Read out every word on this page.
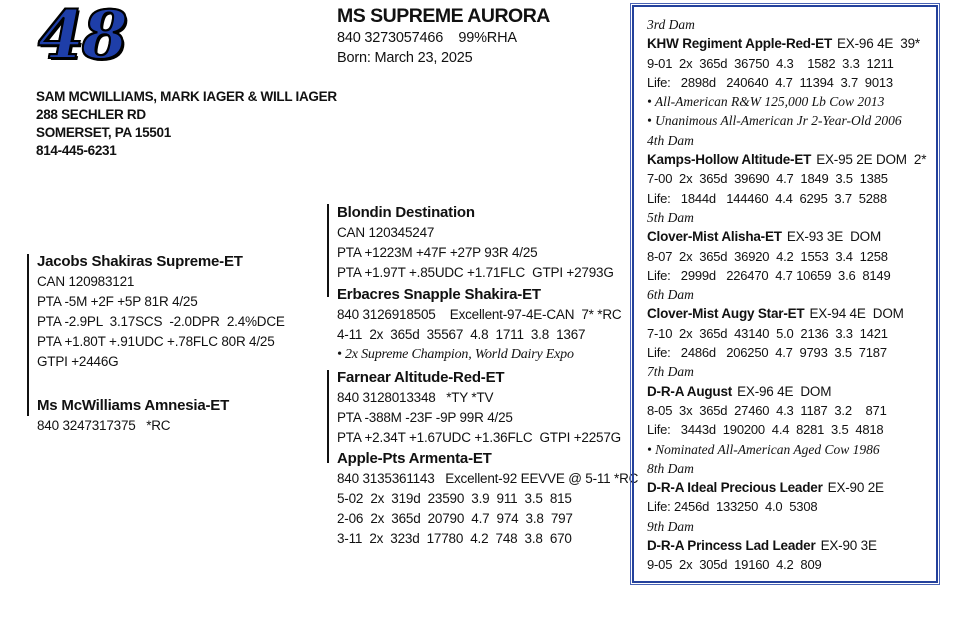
48
SAM MCWILLIAMS, MARK IAGER & WILL IAGER
288 SECHLER RD
SOMERSET, PA 15501
814-445-6231
MS SUPREME AURORA
840 3273057466    99%RHA
Born: March 23, 2025
Jacobs Shakiras Supreme-ET
CAN 120983121
PTA -5M +2F +5P 81R 4/25
PTA -2.9PL  3.17SCS  -2.0DPR  2.4%DCE
PTA +1.80T +.91UDC +.78FLC 80R 4/25
GTPI +2446G
Ms McWilliams Amnesia-ET
840 3247317375   *RC
Blondin Destination
CAN 120345247
PTA +1223M +47F +27P 93R 4/25
PTA +1.97T +.85UDC +1.71FLC  GTPI +2793G
Erbacres Snapple Shakira-ET
840 3126918505    Excellent-97-4E-CAN  7* *RC
4-11  2x  365d  35567  4.8  1711  3.8  1367
• 2x Supreme Champion, World Dairy Expo
Farnear Altitude-Red-ET
840 3128013348   *TY *TV
PTA -388M -23F -9P 99R 4/25
PTA +2.34T +1.67UDC +1.36FLC  GTPI +2257G
Apple-Pts Armenta-ET
840 3135361143   Excellent-92 EEVVE @ 5-11 *RC
5-02  2x  319d  23590  3.9  911  3.5  815
2-06  2x  365d  20790  4.7  974  3.8  797
3-11  2x  323d  17780  4.2  748  3.8  670
3rd Dam
KHW Regiment Apple-Red-ET EX-96 4E  39*
9-01  2x  365d  36750  4.3    1582  3.3  1211
Life:   2898d   240640  4.7  11394  3.7  9013
• All-American R&W 125,000 Lb Cow 2013
• Unanimous All-American Jr 2-Year-Old 2006
4th Dam
Kamps-Hollow Altitude-ET EX-95 2E DOM  2*
7-00  2x  365d  39690  4.7  1849  3.5  1385
Life:   1844d   144460  4.4  6295  3.7  5288
5th Dam
Clover-Mist Alisha-ET EX-93 3E  DOM
8-07  2x  365d  36920  4.2  1553  3.4  1258
Life:   2999d   226470  4.7 10659  3.6  8149
6th Dam
Clover-Mist Augy Star-ET EX-94 4E  DOM
7-10  2x  365d  43140  5.0  2136  3.3  1421
Life:   2486d   206250  4.7  9793  3.5  7187
7th Dam
D-R-A August EX-96 4E  DOM
8-05  3x  365d  27460  4.3  1187  3.2    871
Life:   3443d  190200  4.4  8281  3.5  4818
• Nominated All-American Aged Cow 1986
8th Dam
D-R-A Ideal Precious Leader EX-90 2E
Life: 2456d  133250  4.0  5308
9th Dam
D-R-A Princess Lad Leader EX-90 3E
9-05  2x  305d  19160  4.2  809
